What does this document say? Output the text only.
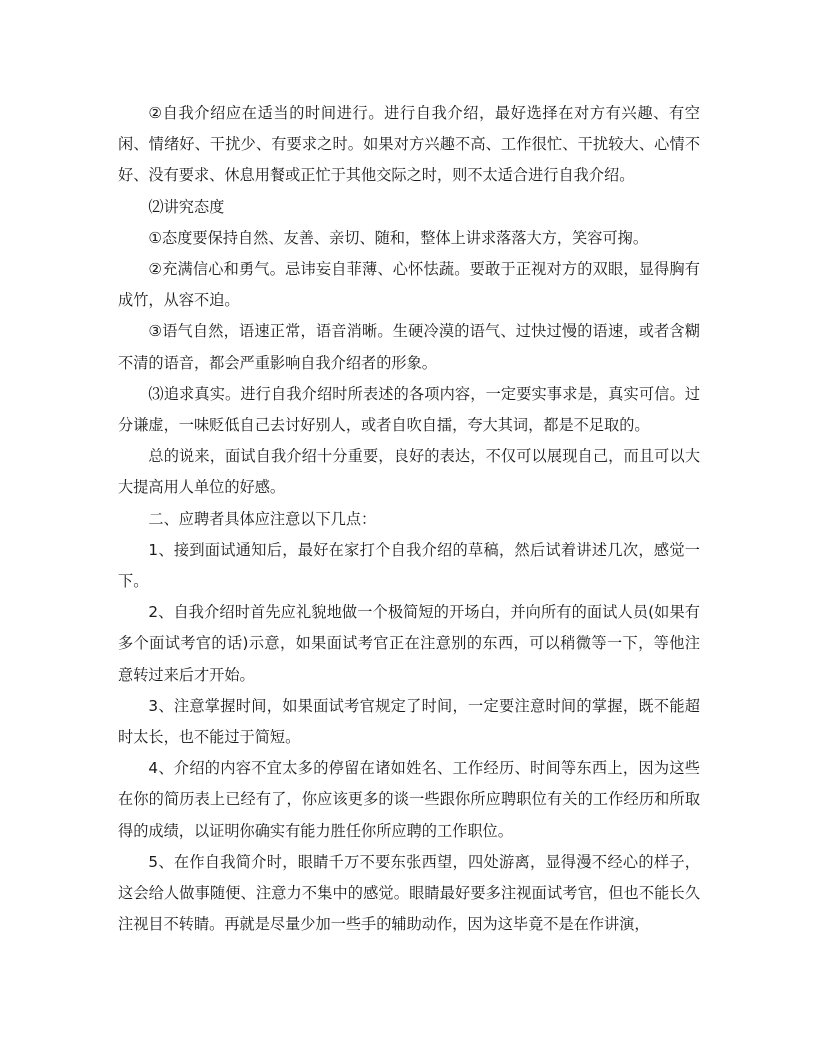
②自我介绍应在适当的时间进行。进行自我介绍，最好选择在对方有兴趣、有空闲、情绪好、干扰少、有要求之时。如果对方兴趣不高、工作很忙、干扰较大、心情不好、没有要求、休息用餐或正忙于其他交际之时，则不太适合进行自我介绍。

⑵讲究态度

①态度要保持自然、友善、亲切、随和，整体上讲求落落大方，笑容可掬。

②充满信心和勇气。忌讳妄自菲薄、心怀怯蔬。要敢于正视对方的双眼，显得胸有成竹，从容不迫。

③语气自然，语速正常，语音消晰。生硬冷漠的语气、过快过慢的语速，或者含糊不清的语音，都会严重影响自我介绍者的形象。

⑶追求真实。进行自我介绍时所表述的各项内容，一定要实事求是，真实可信。过分谦虚，一味贬低自己去讨好别人，或者自吹自擂，夸大其词，都是不足取的。

总的说来，面试自我介绍十分重要，良好的表达，不仅可以展现自己，而且可以大大提高用人单位的好感。

二、应聘者具体应注意以下几点：

1、接到面试通知后，最好在家打个自我介绍的草稿，然后试着讲述几次，感觉一下。

2、自我介绍时首先应礼貌地做一个极简短的开场白，并向所有的面试人员(如果有多个面试考官的话)示意，如果面试考官正在注意别的东西，可以稍微等一下，等他注意转过来后才开始。

3、注意掌握时间，如果面试考官规定了时间，一定要注意时间的掌握，既不能超时太长，也不能过于简短。

4、介绍的内容不宜太多的停留在诸如姓名、工作经历、时间等东西上，因为这些在你的简历表上已经有了，你应该更多的谈一些跟你所应聘职位有关的工作经历和所取得的成绩，以证明你确实有能力胜任你所应聘的工作职位。

5、在作自我简介时，眼睛千万不要东张西望，四处游离，显得漫不经心的样子，这会给人做事随便、注意力不集中的感觉。眼睛最好要多注视面试考官，但也不能长久注视目不转睛。再就是尽量少加一些手的辅助动作，因为这毕竟不是在作讲演，
